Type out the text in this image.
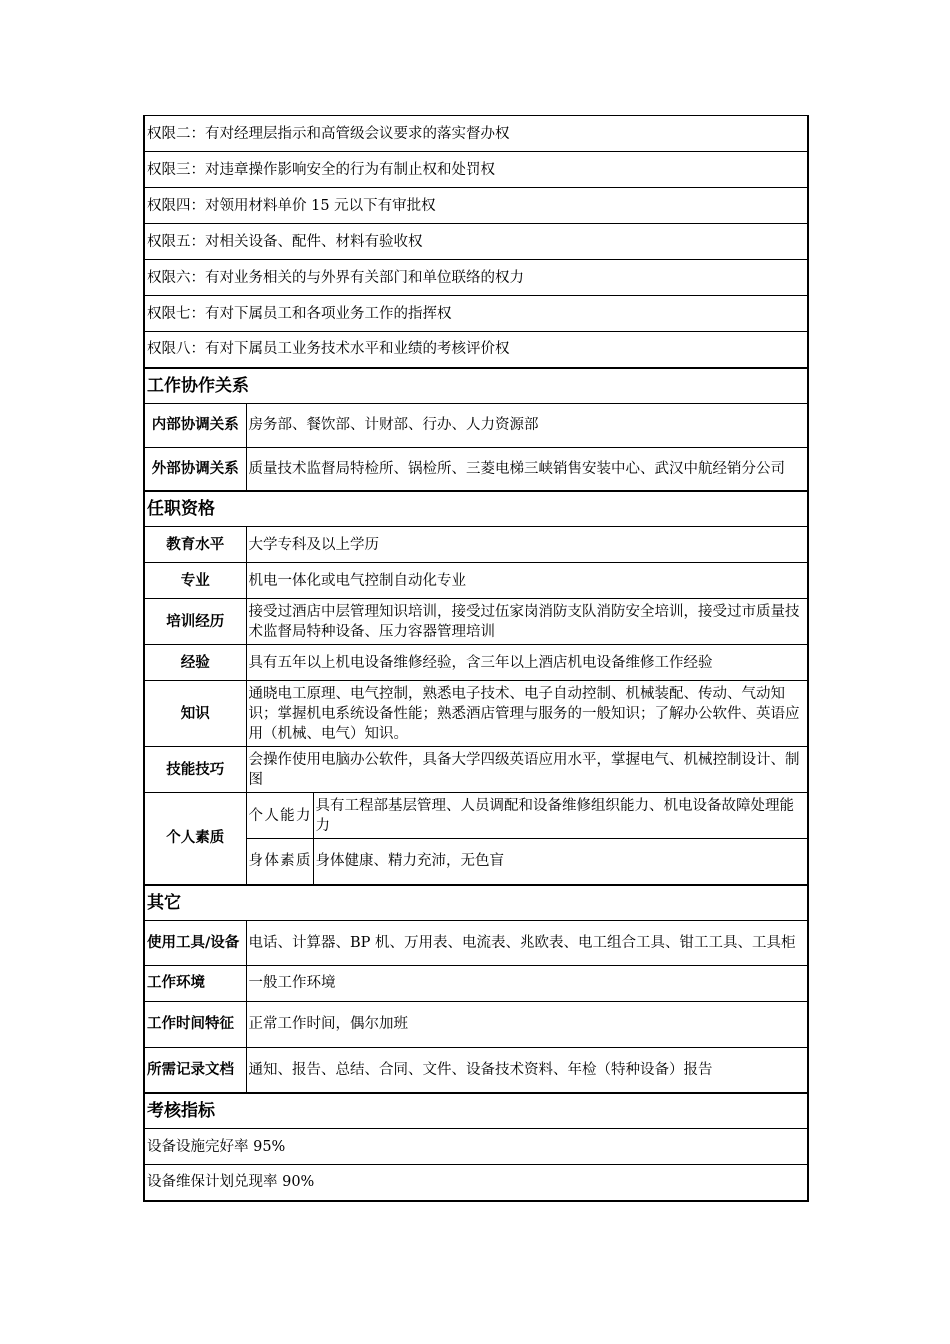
权限二：有对经理层指示和高管级会议要求的落实督办权		
权限三：对违章操作影响安全的行为有制止权和处罚权		
权限四：对领用材料单价 15 元以下有审批权		
权限五：对相关设备、配件、材料有验收权		
权限六：有对业务相关的与外界有关部门和单位联络的权力		
权限七：有对下属员工和各项业务工作的指挥权		
权限八：有对下属员工业务技术水平和业绩的考核评价权		
工作协作关系		
内部协调关系	房务部、餐饮部、计财部、行办、人力资源部	
外部协调关系	质量技术监督局特检所、锅检所、三菱电梯三峡销售安装中心、武汉中航经销分公司	
任职资格		
教育水平	大学专科及以上学历	
专业	机电一体化或电气控制自动化专业	
培训经历	接受过酒店中层管理知识培训，接受过伍家岗消防支队消防安全培训，接受过市质量技术监督局特种设备、压力容器管理培训	
经验	具有五年以上机电设备维修经验，含三年以上酒店机电设备维修工作经验	
知识	通晓电工原理、电气控制，熟悉电子技术、电子自动控制、机械装配、传动、气动知识；掌握机电系统设备性能；熟悉酒店管理与服务的一般知识；了解办公软件、英语应用（机械、电气）知识。	
技能技巧	会操作使用电脑办公软件，具备大学四级英语应用水平，掌握电气、机械控制设计、制图	
个人素质	个人能力	具有工程部基层管理、人员调配和设备维修组织能力、机电设备故障处理能力
	身体素质	身体健康、精力充沛，无色盲
其它		
使用工具/设备	电话、计算器、BP 机、万用表、电流表、兆欧表、电工组合工具、钳工工具、工具柜	
工作环境	一般工作环境	
工作时间特征	正常工作时间，偶尔加班	
所需记录文档	通知、报告、总结、合同、文件、设备技术资料、年检（特种设备）报告	
考核指标		
设备设施完好率 95%		
设备维保计划兑现率 90%		
